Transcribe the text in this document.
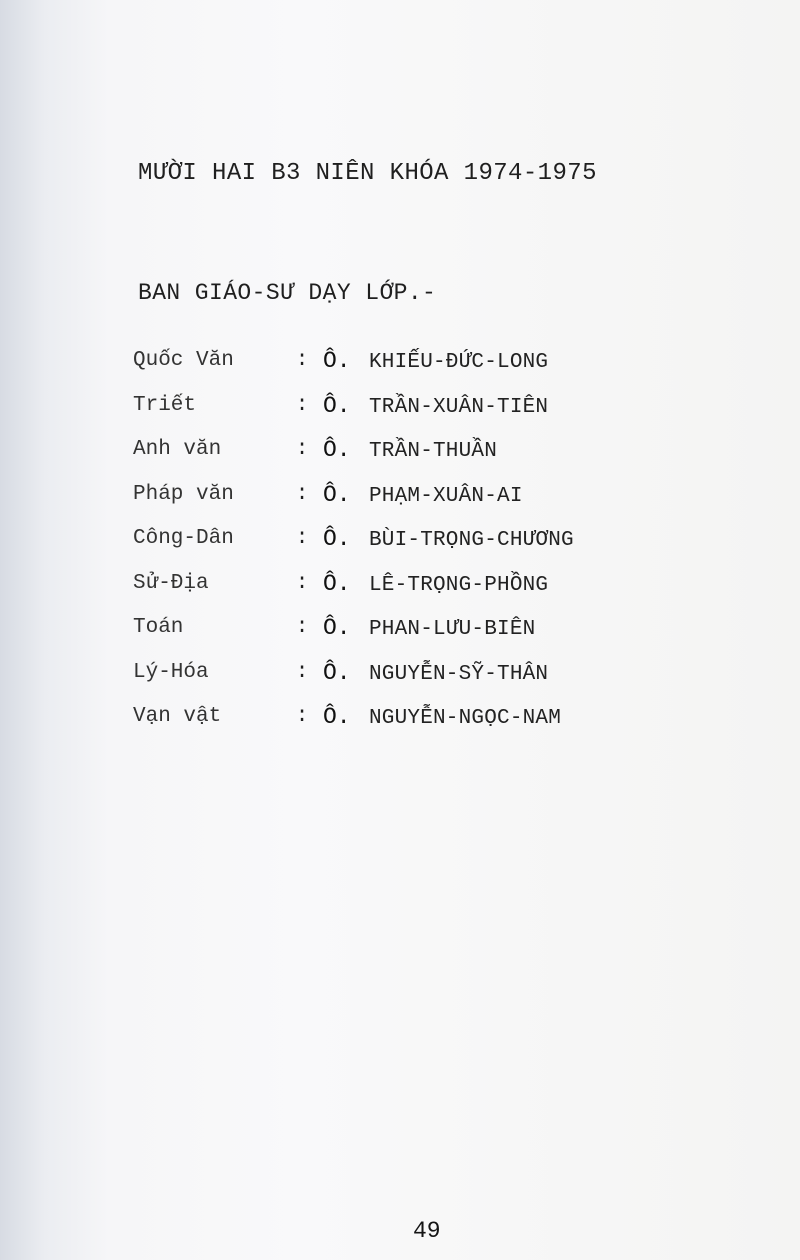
MƯỜI HAI B3 NIÊN KHÓA 1974-1975
BAN GIÁO-SƯ DẠY LỚP.-
Quốc Văn	: Ô. KHIẾU-ĐỨC-LONG
Triết	: Ô. TRẦN-XUÂN-TIÊN
Anh văn	: Ô. TRẦN-THUẦN
Pháp văn	: Ô. PHẠM-XUÂN-AI
Công-Dân	: Ô. BÙI-TRỌNG-CHƯƠNG
Sử-Địa	: Ô. LÊ-TRỌNG-PHỒNG
Toán	: Ô. PHAN-LƯU-BIÊN
Lý-Hóa	: Ô. NGUYỄN-SỸ-THÂN
Vạn vật	: Ô. NGUYỄN-NGỌC-NAM
49
